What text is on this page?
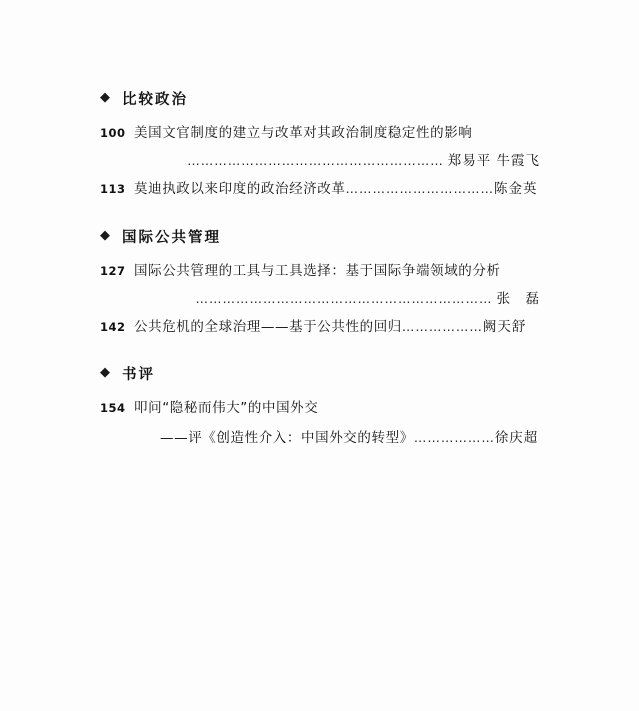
◆ 比较政治
100 美国文官制度的建立与改革对其政治制度稳定性的影响
………………………………………………… 郑易平 牛霞飞
113 莫迪执政以来印度的政治经济改革……………………………陈金英
◆ 国际公共管理
127 国际公共管理的工具与工具选择：基于国际争端领域的分析
………………………………………………………… 张　磊
142 公共危机的全球治理——基于公共性的回归………………阙天舒
◆ 书评
154 叩问“隐秘而伟大”的中国外交
——评《创造性介入：中国外交的转型》 ……………… 徐庆超
